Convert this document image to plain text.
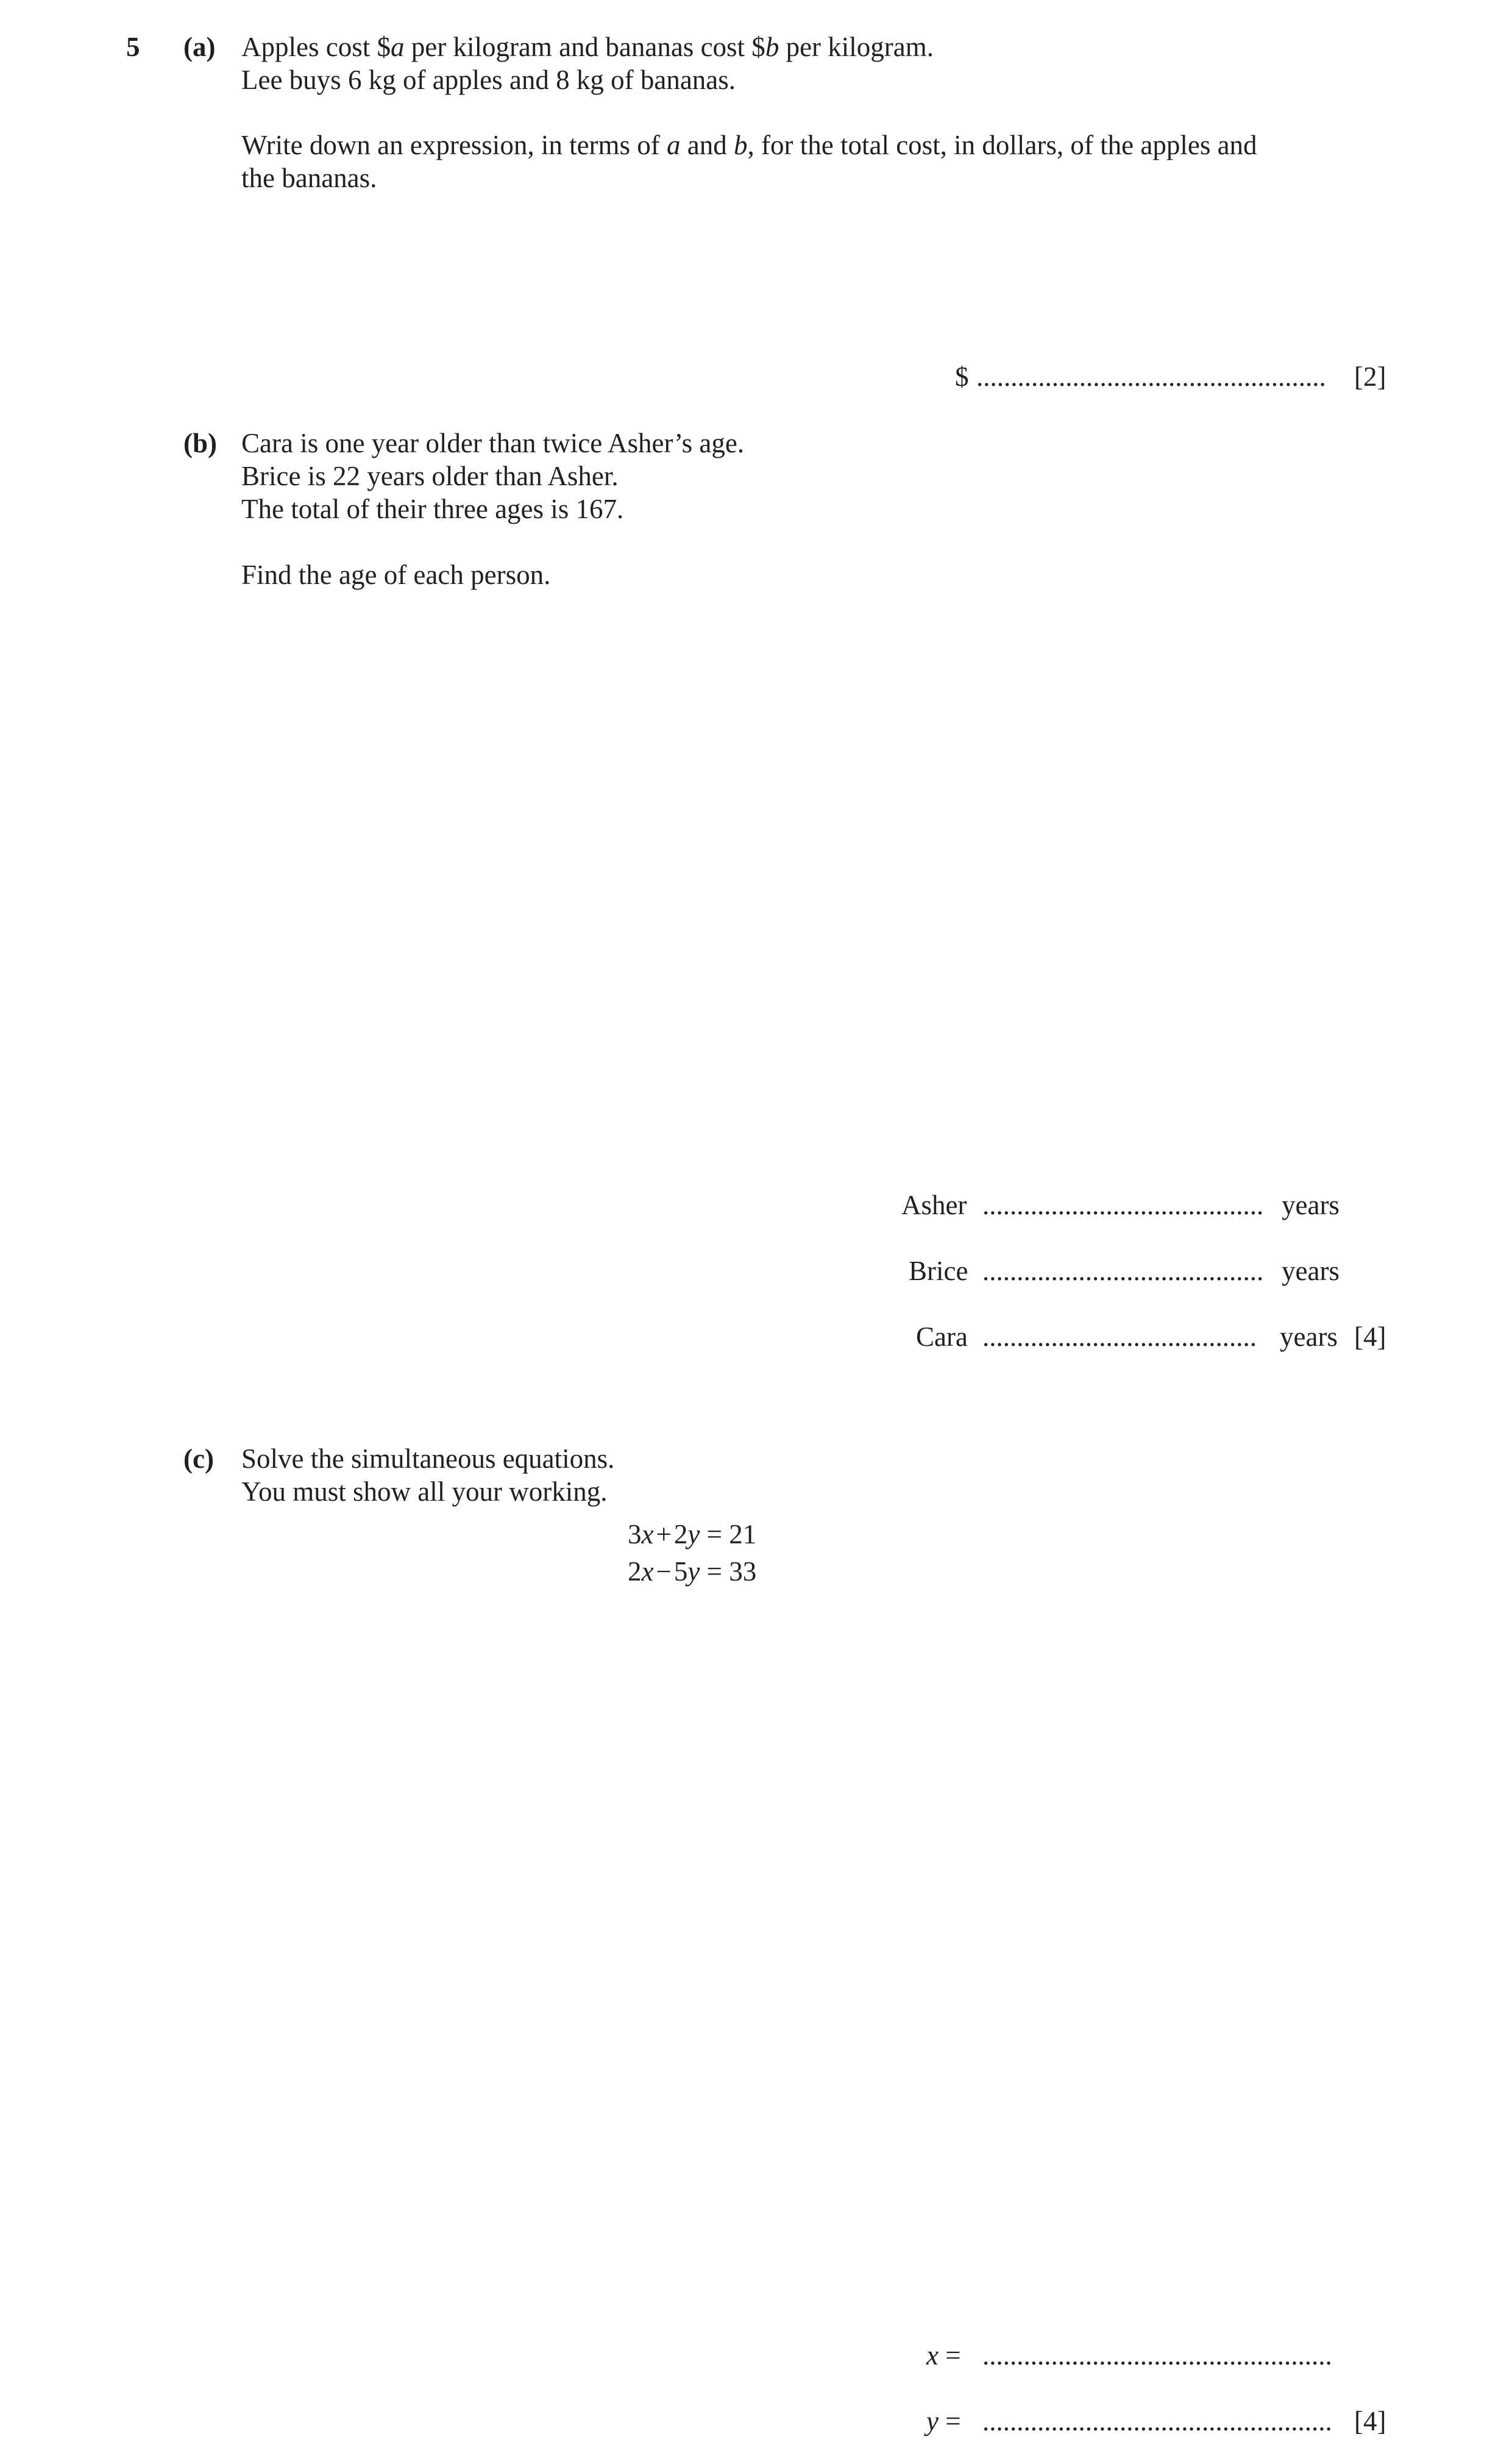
5 (a) Apples cost $a per kilogram and bananas cost $b per kilogram.
Lee buys 6 kg of apples and 8 kg of bananas.
Write down an expression, in terms of a and b, for the total cost, in dollars, of the apples and
the bananas.
$ ................................................... [2]
(b) Cara is one year older than twice Asher’s age.
Brice is 22 years older than Asher.
The total of their three ages is 167.
Find the age of each person.
Asher ......................................... years
Brice ......................................... years
Cara ........................................ years [4]
(c) Solve the simultaneous equations.
You must show all your working.
3x+2y = 21
2x−5y = 33
x = ...................................................
y = ................................................... [4]
